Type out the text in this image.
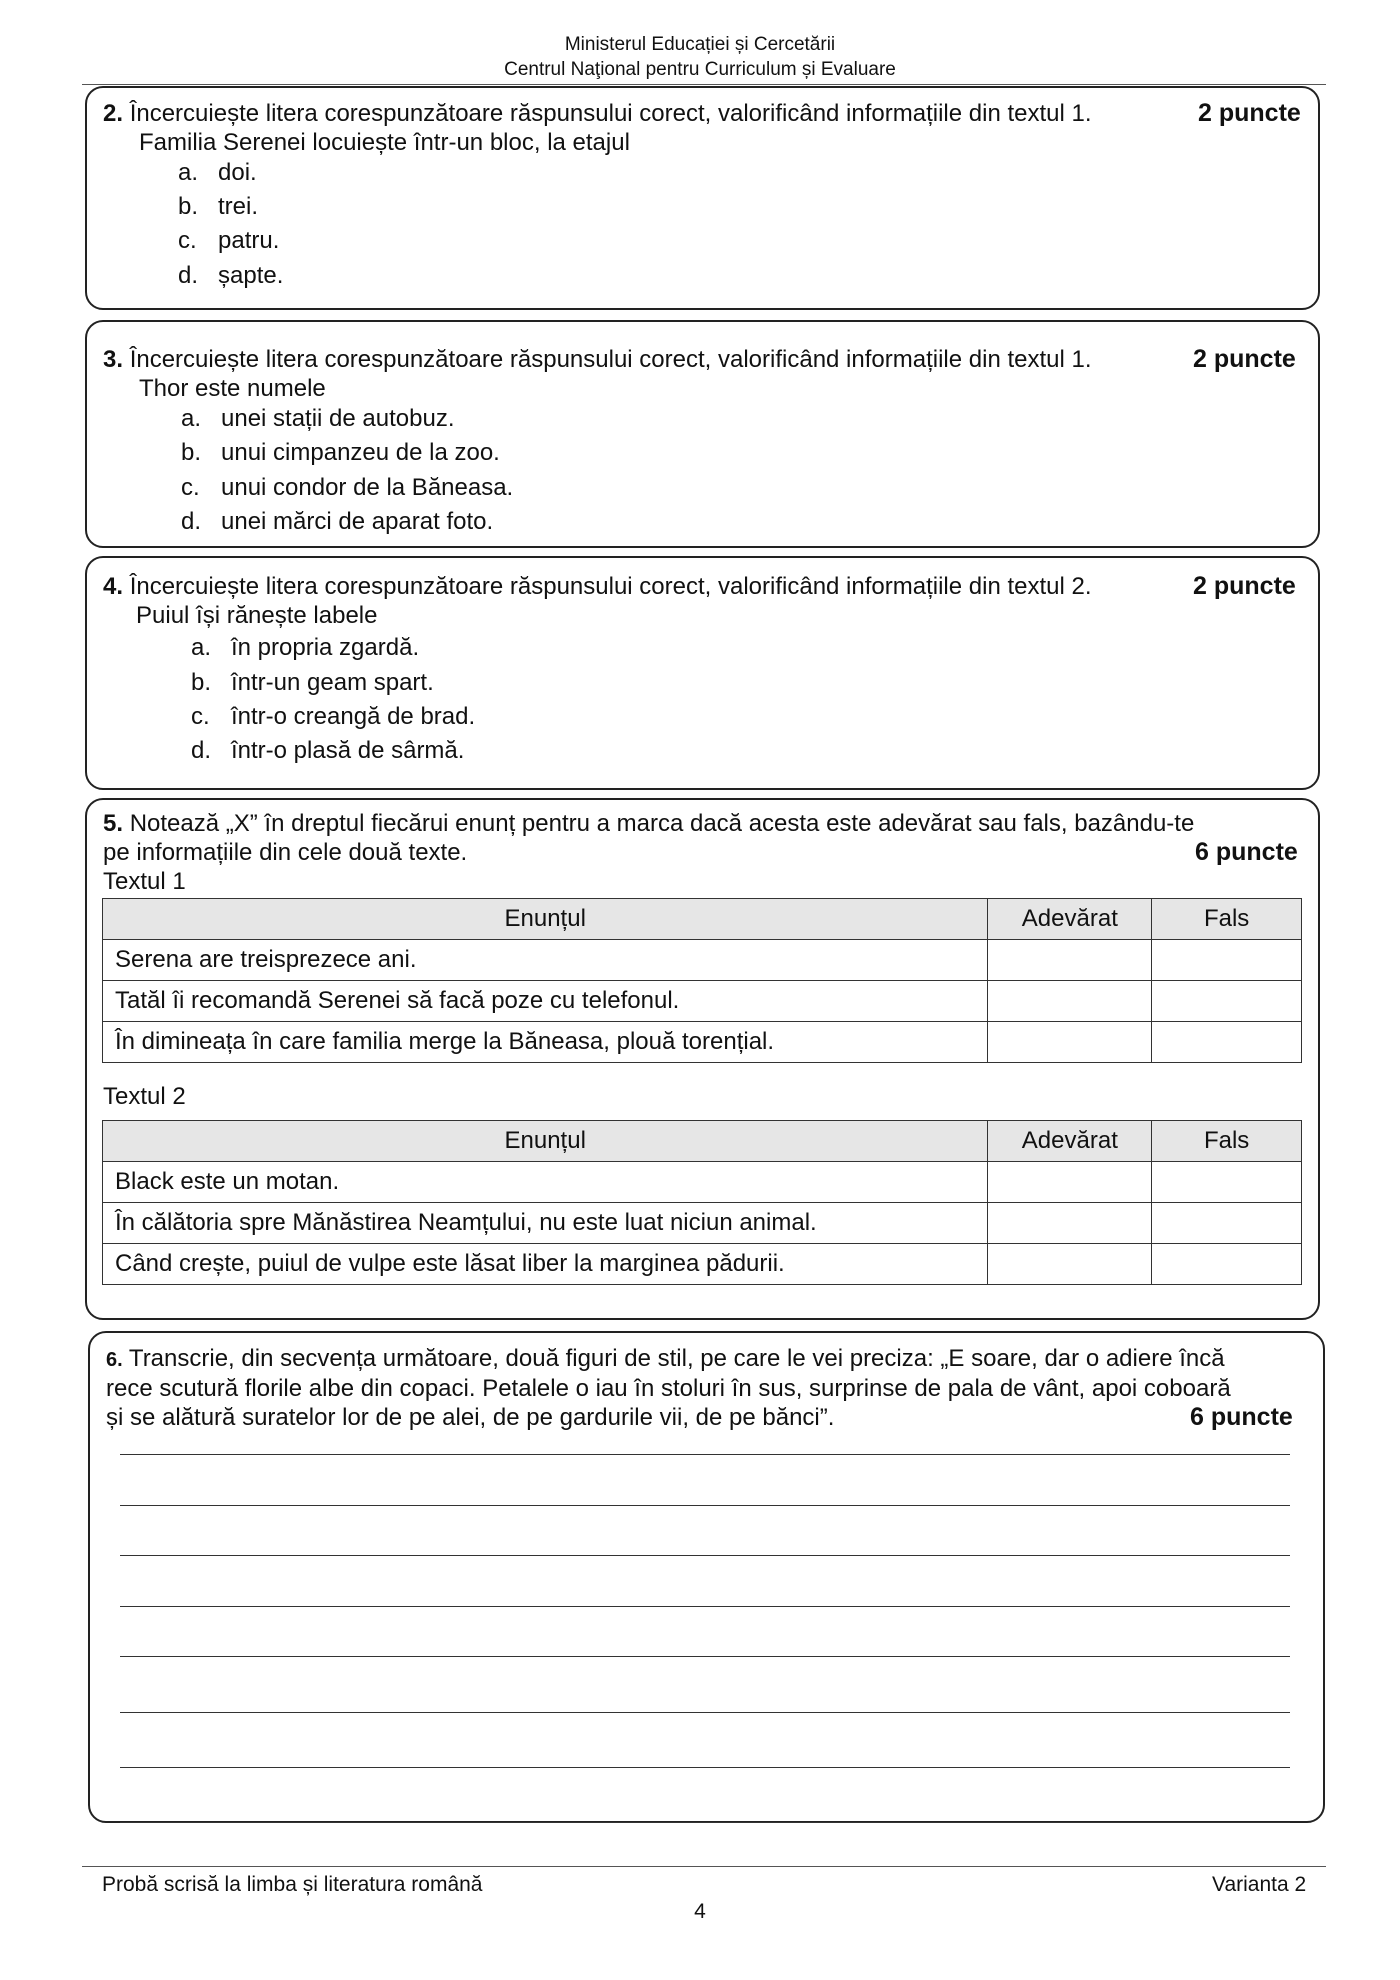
Ministerul Educației și Cercetării
Centrul Naţional pentru Curriculum și Evaluare
2. Încercuiește litera corespunzătoare răspunsului corect, valorificând informațiile din textul 1.	2 puncte
Familia Serenei locuiește într-un bloc, la etajul
a. doi.
b. trei.
c. patru.
d. șapte.
3. Încercuiește litera corespunzătoare răspunsului corect, valorificând informațiile din textul 1.	2 puncte
Thor este numele
a. unei stații de autobuz.
b. unui cimpanzeu de la zoo.
c. unui condor de la Băneasa.
d. unei mărci de aparat foto.
4. Încercuiește litera corespunzătoare răspunsului corect, valorificând informațiile din textul 2.	2 puncte
Puiul își rănește labele
a. în propria zgardă.
b. într-un geam spart.
c. într-o creangă de brad.
d. într-o plasă de sârmă.
5. Notează „X” în dreptul fiecărui enunț pentru a marca dacă acesta este adevărat sau fals, bazându-te
pe informațiile din cele două texte.	6 puncte
Textul 1
Enunțul	Adevărat	Fals
Serena are treisprezece ani.		
Tatăl îi recomandă Serenei să facă poze cu telefonul.		
În dimineața în care familia merge la Băneasa, plouă torențial.		
Textul 2
Enunțul	Adevărat	Fals
Black este un motan.		
În călătoria spre Mănăstirea Neamțului, nu este luat niciun animal.		
Când crește, puiul de vulpe este lăsat liber la marginea pădurii.		
6. Transcrie, din secvența următoare, două figuri de stil, pe care le vei preciza: „E soare, dar o adiere încă
rece scutură florile albe din copaci. Petalele o iau în stoluri în sus, surprinse de pala de vânt, apoi coboară
și se alătură suratelor lor de pe alei, de pe gardurile vii, de pe bănci”.	6 puncte
Probă scrisă la limba și literatura română	Varianta 2
4
